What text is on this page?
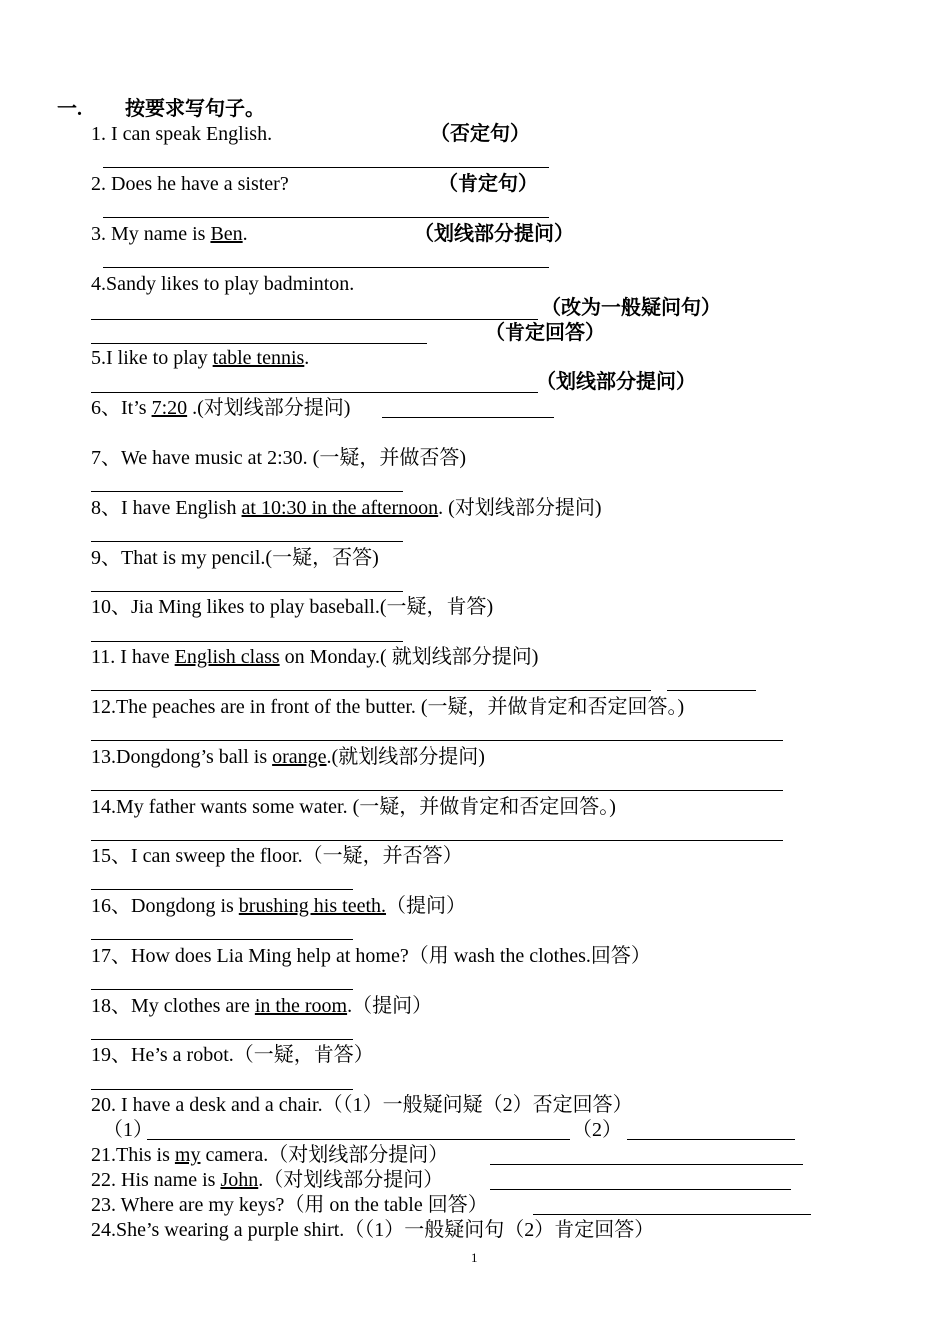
一. 按要求写句子。
1. I can speak English.	（否定句）
2. Does he have a sister?	（肯定句）
3. My name is Ben.	（划线部分提问）
4.Sandy likes to play badminton.
（改为一般疑问句）
（肯定回答）
5.I like to play table tennis.
（划线部分提问）
6、It’s 7:20 .(对划线部分提问)
7、We have music at 2:30. (一疑，并做否答)
8、I have English at 10:30 in the afternoon. (对划线部分提问)
9、That is my pencil.(一疑，否答)
10、Jia Ming likes to play baseball.(一疑，肯答)
11. I have English class on Monday.( 就划线部分提问)
12.The peaches are in front of the butter. (一疑，并做肯定和否定回答。)
13.Dongdong’s ball is orange.(就划线部分提问)
14.My father wants some water. (一疑，并做肯定和否定回答。)
15、I can sweep the floor.（一疑，并否答）
16、Dongdong is brushing his teeth.（提问）
17、How does Lia Ming help at home?（用 wash the clothes.回答）
18、My clothes are in the room.（提问）
19、He’s a robot.（一疑，肯答）
20. I have a desk and a chair.（（1）一般疑问疑（2）否定回答）
（1）	（2）
21.This is my camera.（对划线部分提问）
22. His name is John.（对划线部分提问）
23. Where are my keys?（用 on the table 回答）
24.She’s wearing a purple shirt.（（1）一般疑问句（2）肯定回答）
1
